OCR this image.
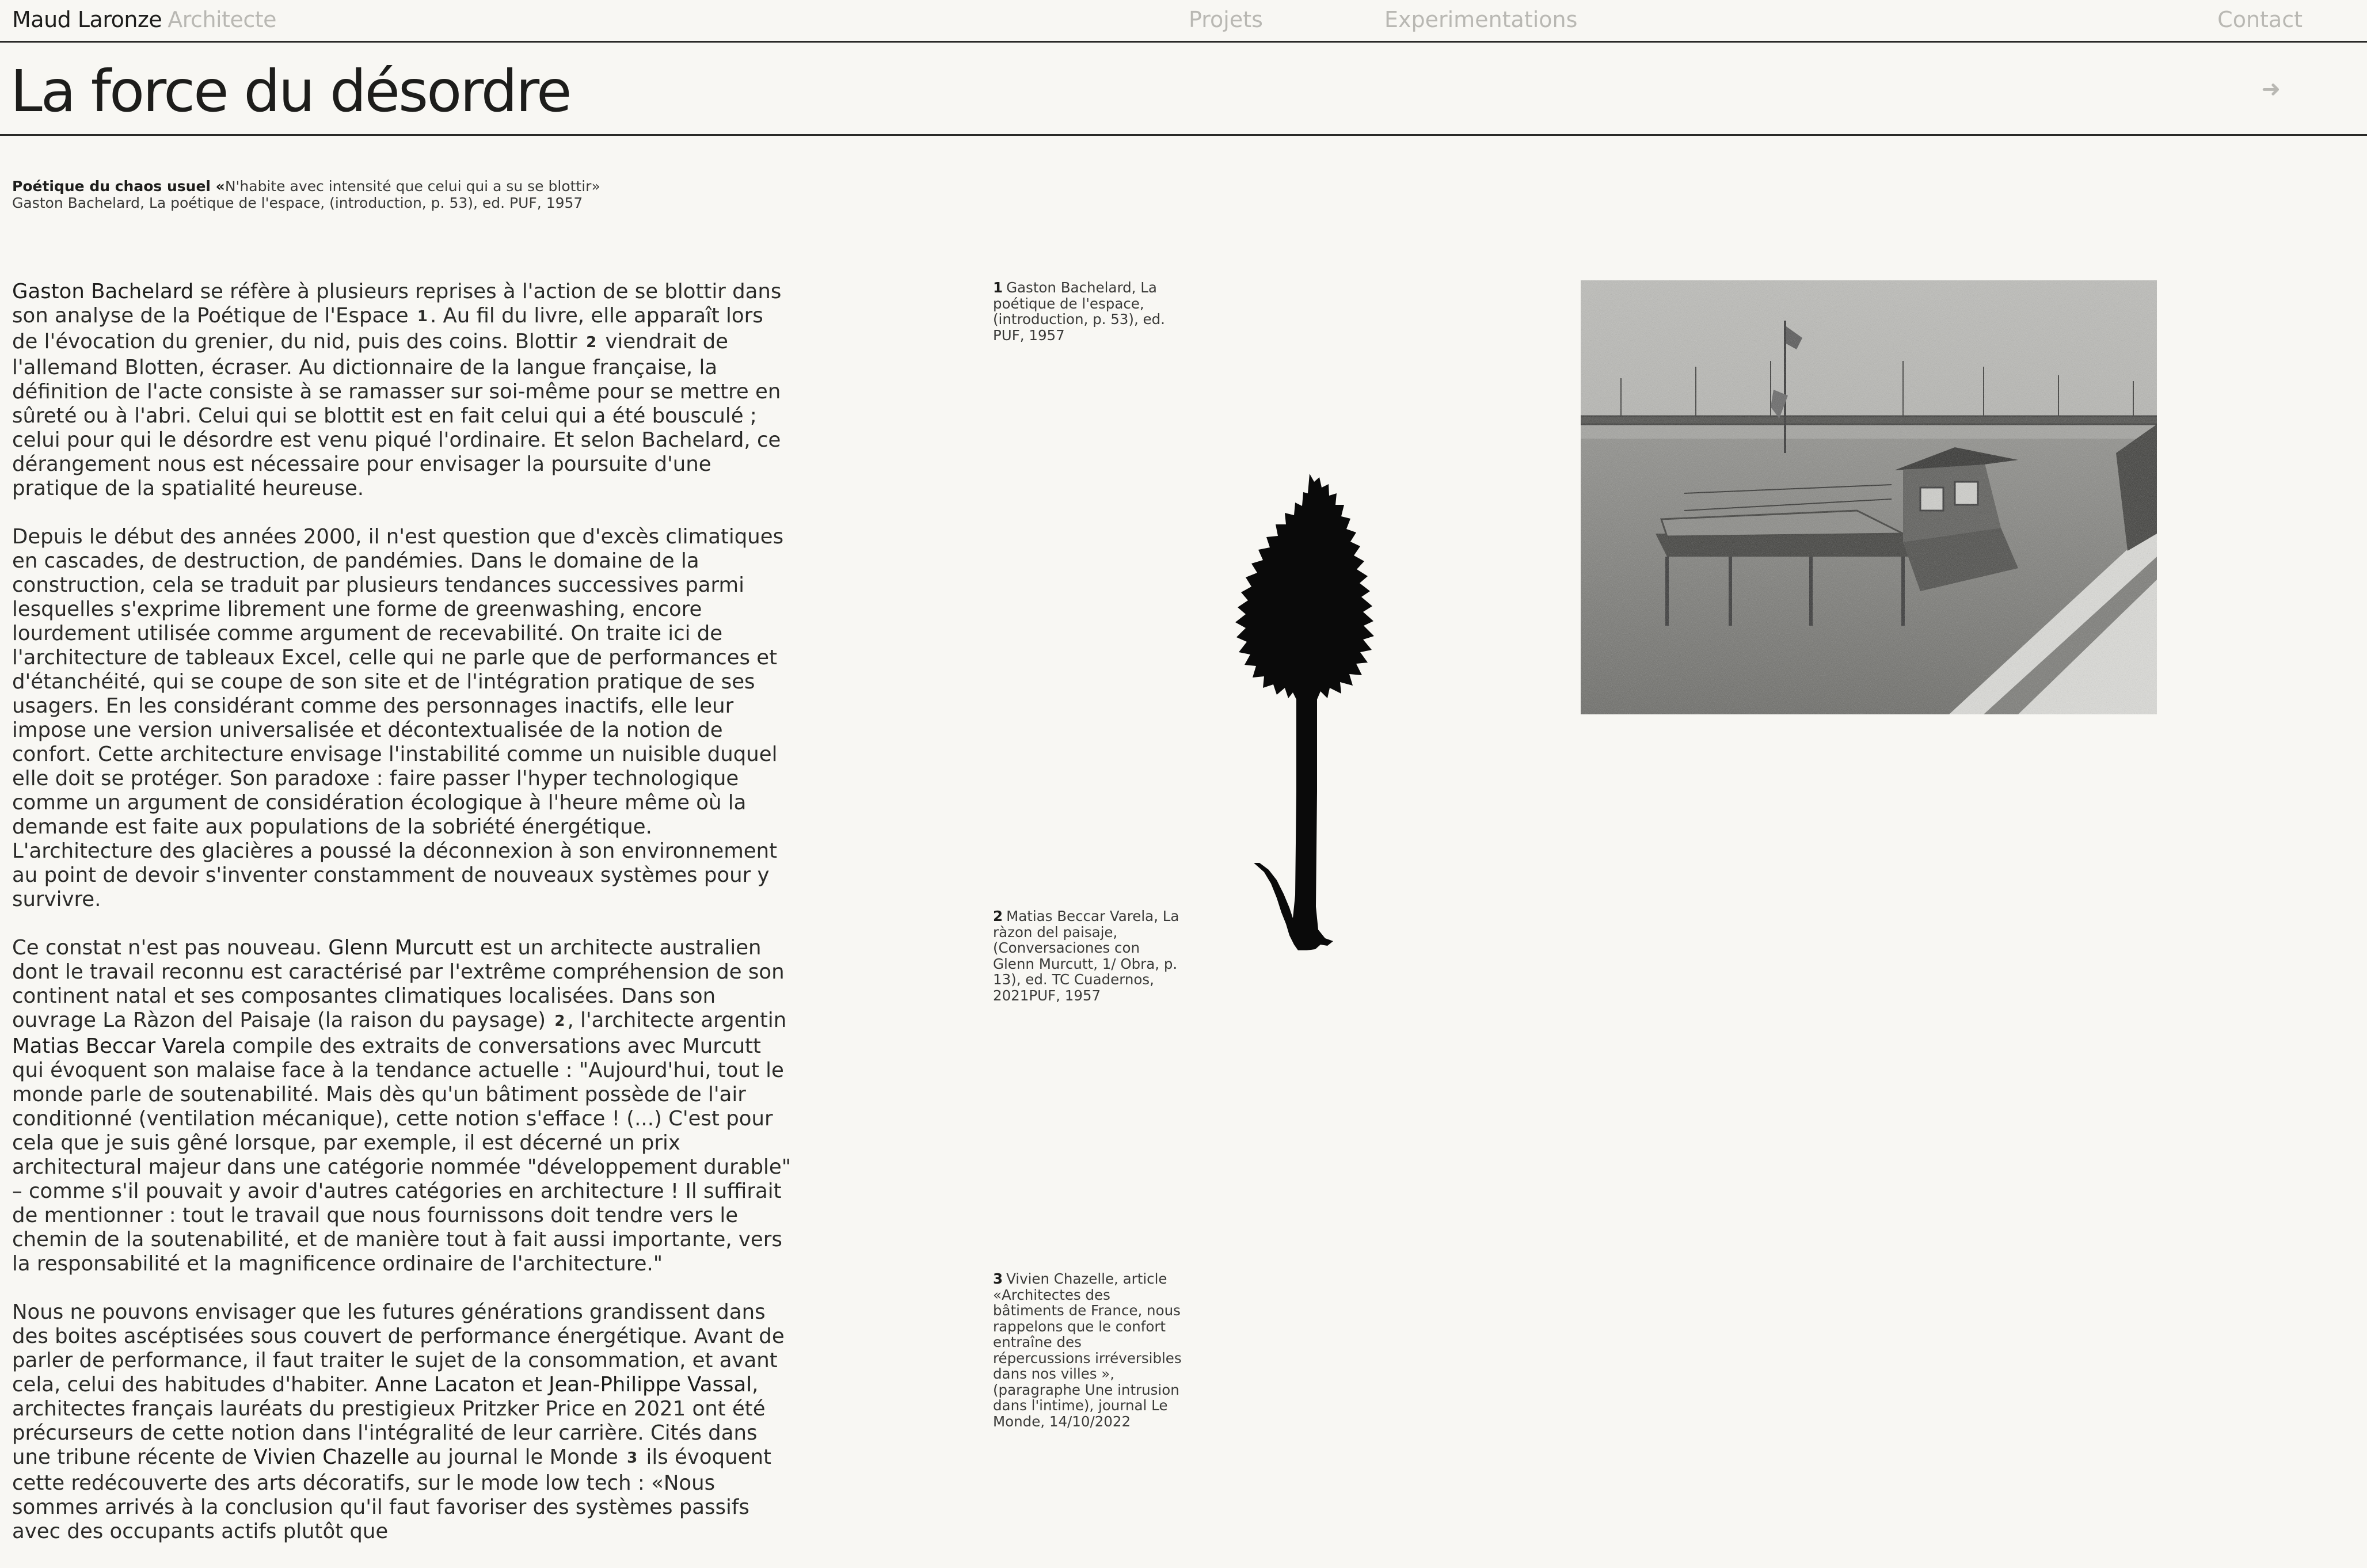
Maud Laronze Architecte	Projets	Experimentations	Contact
La force du désordre	➜
Poétique du chaos usuel «N'habite avec intensité que celui qui a su se blottir»
Gaston Bachelard, La poétique de l'espace, (introduction, p. 53), ed. PUF, 1957

Gaston Bachelard se réfère à plusieurs reprises à l'action de se blottir dans son analyse de la Poétique de l'Espace $^1$ . Au fil du livre, elle apparaît lors de l'évocation du grenier, du nid, puis des coins. Blottir $^2$ viendrait de l'allemand Blotten, écraser. Au dictionnaire de la langue française, la définition de l'acte consiste à se ramasser sur soi-même pour se mettre en sûreté ou à l'abri. Celui qui se blottit est en fait celui qui a été bousculé ; celui pour qui le désordre est venu piqué l'ordinaire. Et selon Bachelard, ce dérangement nous est nécessaire pour envisager la poursuite d'une pratique de la spatialité heureuse.

Depuis le début des années 2000, il n'est question que d'excès climatiques en cascades, de destruction, de pandémies. Dans le domaine de la construction, cela se traduit par plusieurs tendances successives parmi lesquelles s'exprime librement une forme de greenwashing, encore lourdement utilisée comme argument de recevabilité. On traite ici de l'architecture de tableaux Excel, celle qui ne parle que de performances et d'étanchéité, qui se coupe de son site et de l'intégration pratique de ses usagers. En les considérant comme des personnages inactifs, elle leur impose une version universalisée et décontextualisée de la notion de confort. Cette architecture envisage l'instabilité comme un nuisible duquel elle doit se protéger. Son paradoxe : faire passer l'hyper technologique comme un argument de considération écologique à l'heure même où la demande est faite aux populations de la sobriété énergétique. L'architecture des glacières a poussé la déconnexion à son environnement au point de devoir s'inventer constamment de nouveaux systèmes pour y survivre.

Ce constat n'est pas nouveau. Glenn Murcutt est un architecte australien dont le travail reconnu est caractérisé par l'extrême compréhension de son continent natal et ses composantes climatiques localisées. Dans son ouvrage La Ràzon del Paisaje (la raison du paysage) $^2$ , l'architecte argentin Matias Beccar Varela compile des extraits de conversations avec Murcutt qui évoquent son malaise face à la tendance actuelle : "Aujourd'hui, tout le monde parle de soutenabilité. Mais dès qu'un bâtiment possède de l'air conditionné (ventilation mécanique), cette notion s'efface ! (...) C'est pour cela que je suis gêné lorsque, par exemple, il est décerné un prix architectural majeur dans une catégorie nommée "développement durable" – comme s'il pouvait y avoir d'autres catégories en architecture ! Il suffirait de mentionner : tout le travail que nous fournissons doit tendre vers le chemin de la soutenabilité, et de manière tout à fait aussi importante, vers la responsabilité et la magnificence ordinaire de l'architecture."

Nous ne pouvons envisager que les futures générations grandissent dans des boites ascéptisées sous couvert de performance énergétique. Avant de parler de performance, il faut traiter le sujet de la consommation, et avant cela, celui des habitudes d'habiter. Anne Lacaton et Jean-Philippe Vassal, architectes français lauréats du prestigieux Pritzker Price en 2021 ont été précurseurs de cette notion dans l'intégralité de leur carrière. Cités dans une tribune récente de Vivien Chazelle au journal le Monde $^3$ ils évoquent cette redécouverte des arts décoratifs, sur le mode low tech : «Nous sommes arrivés à la conclusion qu'il faut favoriser des systèmes passifs avec des occupants actifs plutôt que

1 Gaston Bachelard, La poétique de l'espace, (introduction, p. 53), ed. PUF, 1957
2 Matias Beccar Varela, La ràzon del paisaje, (Conversaciones con Glenn Murcutt, 1/ Obra, p. 13), ed. TC Cuadernos, 2021PUF, 1957
3 Vivien Chazelle, article «Architectes des bâtiments de France, nous rappelons que le confort entraîne des répercussions irréversibles dans nos villes », (paragraphe Une intrusion dans l'intime), journal Le Monde, 14/10/2022
